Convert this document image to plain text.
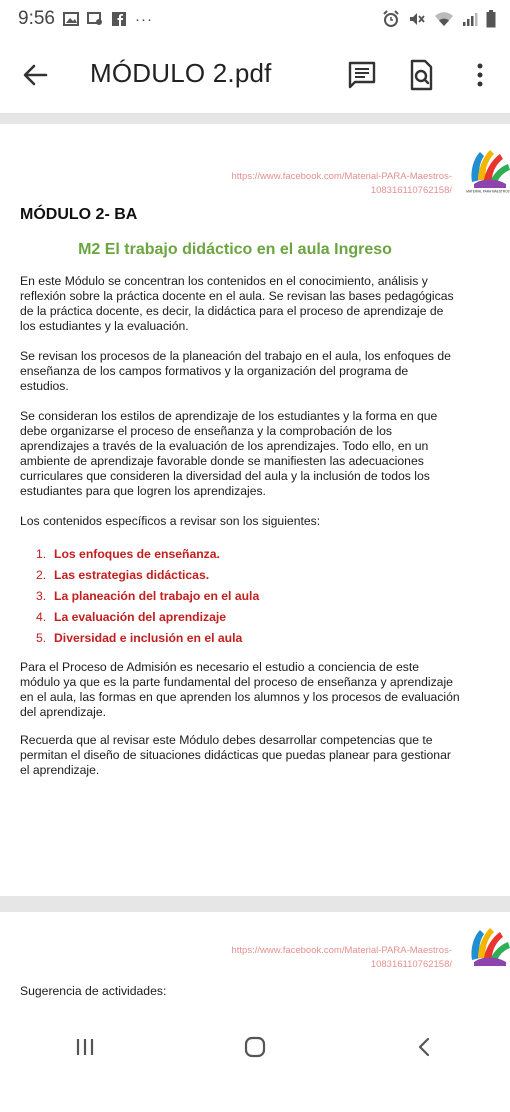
9:56	···
MÓDULO 2.pdf
MATERIAL PARA MAESTROS
https://www.facebook.com/Material-PARA-Maestros-
108316110762158/
MÓDULO 2- BA
M2 El trabajo didáctico en el aula Ingreso

En este Módulo se concentran los contenidos en el conocimiento, análisis y reflexión sobre la práctica docente en el aula. Se revisan las bases pedagógicas de la práctica docente, es decir, la didáctica para el proceso de aprendizaje de los estudiantes y la evaluación.

Se revisan los procesos de la planeación del trabajo en el aula, los enfoques de enseñanza de los campos formativos y la organización del programa de estudios.

Se consideran los estilos de aprendizaje de los estudiantes y la forma en que debe organizarse el proceso de enseñanza y la comprobación de los aprendizajes a través de la evaluación de los aprendizajes. Todo ello, en un ambiente de aprendizaje favorable donde se manifiesten las adecuaciones curriculares que consideren la diversidad del aula y la inclusión de todos los estudiantes para que logren los aprendizajes.

Los contenidos específicos a revisar son los siguientes:

1. Los enfoques de enseñanza.
2. Las estrategias didácticas.
3. La planeación del trabajo en el aula
4. La evaluación del aprendizaje
5. Diversidad e inclusión en el aula

Para el Proceso de Admisión es necesario el estudio a conciencia de este módulo ya que es la parte fundamental del proceso de enseñanza y aprendizaje en el aula, las formas en que aprenden los alumnos y los procesos de evaluación del aprendizaje.

Recuerda que al revisar este Módulo debes desarrollar competencias que te permitan el diseño de situaciones didácticas que puedas planear para gestionar el aprendizaje.

https://www.facebook.com/Material-PARA-Maestros-
108316110762158/
Sugerencia de actividades:
